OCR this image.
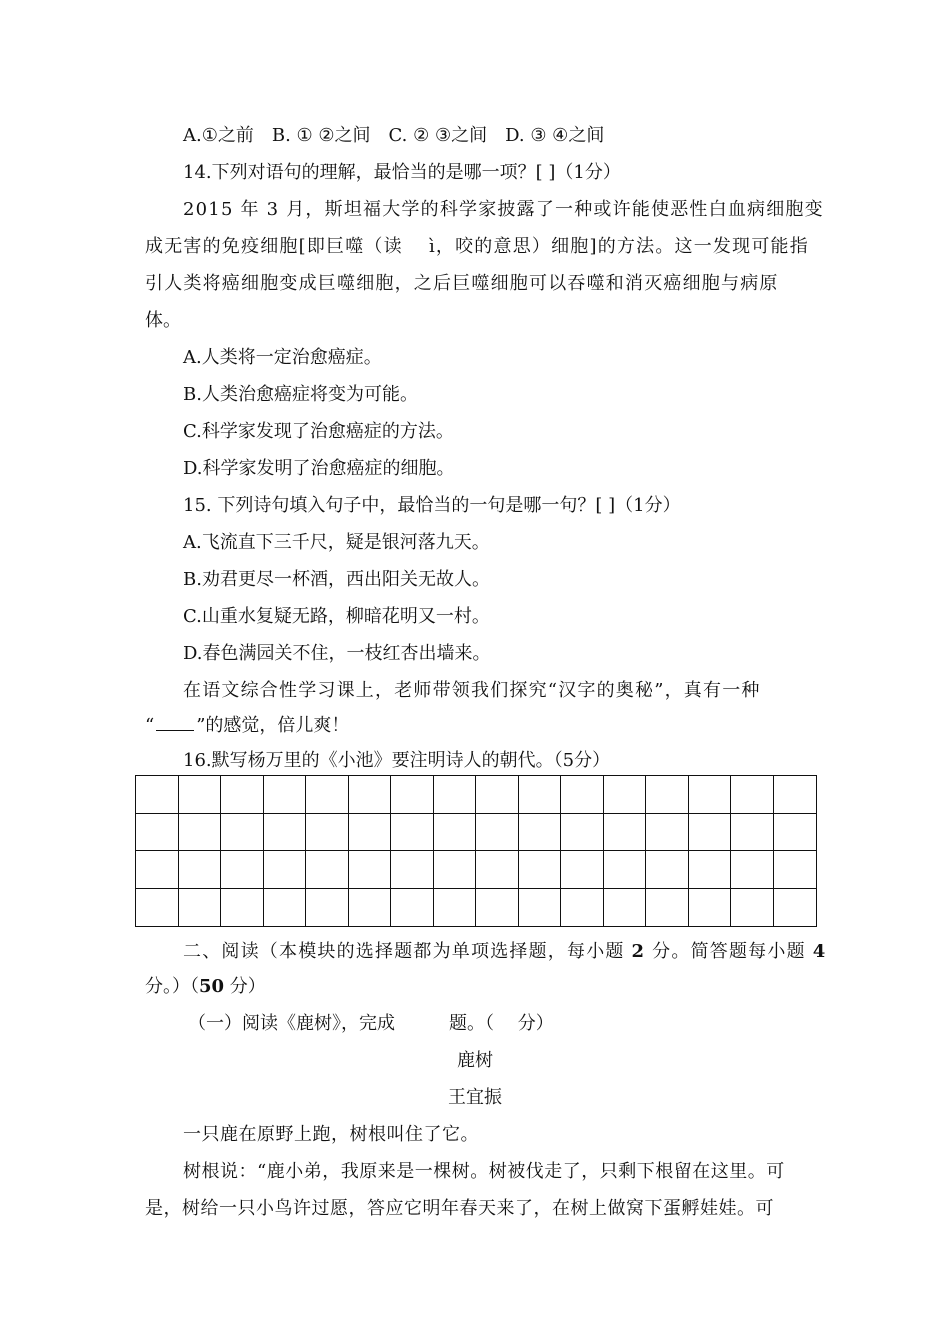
A.①之前　B. ① ②之间　C. ② ③之间　D. ③ ④之间
14.下列对语句的理解，最恰当的是哪一项？[ ]（1分）
2015 年 3 月，斯坦福大学的科学家披露了一种或许能使恶性白血病细胞变
成无害的免疫细胞[即巨噬（读　 ì，咬的意思）细胞]的方法。这一发现可能指
引人类将癌细胞变成巨噬细胞，之后巨噬细胞可以吞噬和消灭癌细胞与病原
体。
A.人类将一定治愈癌症。
B.人类治愈癌症将变为可能。
C.科学家发现了治愈癌症的方法。
D.科学家发明了治愈癌症的细胞。
15. 下列诗句填入句子中，最恰当的一句是哪一句？[ ]（1分）
A.飞流直下三千尺，疑是银河落九天。
B.劝君更尽一杯酒，西出阳关无故人。
C.山重水复疑无路，柳暗花明又一村。
D.春色满园关不住，一枝红杏出墙来。
在语文综合性学习课上，老师带领我们探究“汉字的奥秘”，真有一种
“ ”的感觉，倍儿爽！
16.默写杨万里的《小池》要注明诗人的朝代。（5分）
二、阅读（本模块的选择题都为单项选择题，每小题 2 分。简答题每小题 4
分。）（50 分）
（一）阅读《鹿树》，完成　　　题。（　 分）
鹿树
王宜振
一只鹿在原野上跑，树根叫住了它。
树根说：“鹿小弟，我原来是一棵树。树被伐走了，只剩下根留在这里。可
是，树给一只小鸟许过愿，答应它明年春天来了，在树上做窝下蛋孵娃娃。可
